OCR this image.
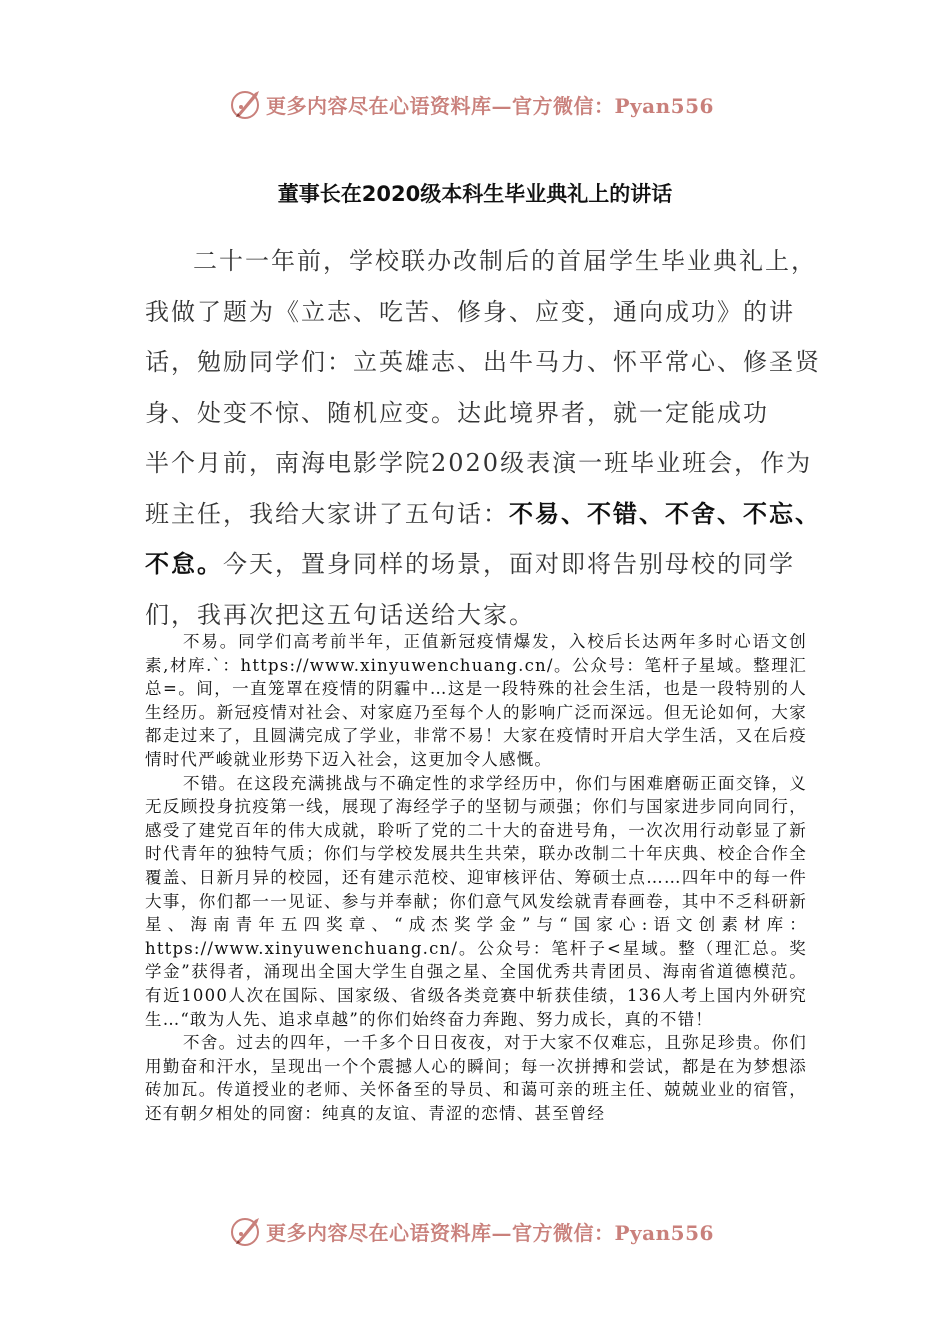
更多内容尽在心语资料库—官方微信：Pyan556
董事长在2020级本科生毕业典礼上的讲话

二十一年前，学校联办改制后的首届学生毕业典礼上，我做了题为《立志、吃苦、修身、应变，通向成功》的讲话，勉励同学们：立英雄志、出牛马力、怀平常心、修圣贤身、处变不惊、随机应变。达此境界者，就一定能成功

半个月前，南海电影学院2020级表演一班毕业班会，作为班主任，我给大家讲了五句话：不易、不错、不舍、不忘、不怠。今天，置身同样的场景，面对即将告别母校的同学们，我再次把这五句话送给大家。

不易。同学们高考前半年，正值新冠疫情爆发，入校后长达两年多时心语文创素,材库.`：https://www.xinyuwenchuang.cn/。公众号：笔杆子星域。整理汇总=。间，一直笼罩在疫情的阴霾中…这是一段特殊的社会生活，也是一段特别的人生经历。新冠疫情对社会、对家庭乃至每个人的影响广泛而深远。但无论如何，大家都走过来了，且圆满完成了学业，非常不易！大家在疫情时开启大学生活，又在后疫情时代严峻就业形势下迈入社会，这更加令人感慨。

不错。在这段充满挑战与不确定性的求学经历中，你们与困难磨砺正面交锋，义无反顾投身抗疫第一线，展现了海经学子的坚韧与顽强；你们与国家进步同向同行，感受了建党百年的伟大成就，聆听了党的二十大的奋进号角，一次次用行动彰显了新时代青年的独特气质；你们与学校发展共生共荣，联办改制二十年庆典、校企合作全覆盖、日新月异的校园，还有建示范校、迎审核评估、筹硕士点……四年中的每一件大事，你们都一一见证、参与并奉献；你们意气风发绘就青春画卷，其中不乏科研新星、海南青年五四奖章、“成杰奖学金”与“国家心:语文创素材库：https://www.xinyuwenchuang.cn/。公众号：笔杆子<星域。整（理汇总。奖学金”获得者，涌现出全国大学生自强之星、全国优秀共青团员、海南省道德模范。有近1000人次在国际、国家级、省级各类竞赛中斩获佳绩，136人考上国内外研究生…“敢为人先、追求卓越”的你们始终奋力奔跑、努力成长，真的不错！

不舍。过去的四年，一千多个日日夜夜，对于大家不仅难忘，且弥足珍贵。你们用勤奋和汗水，呈现出一个个震撼人心的瞬间；每一次拼搏和尝试，都是在为梦想添砖加瓦。传道授业的老师、关怀备至的导员、和蔼可亲的班主任、兢兢业业的宿管，还有朝夕相处的同窗：纯真的友谊、青涩的恋情、甚至曾经

更多内容尽在心语资料库—官方微信：Pyan556
